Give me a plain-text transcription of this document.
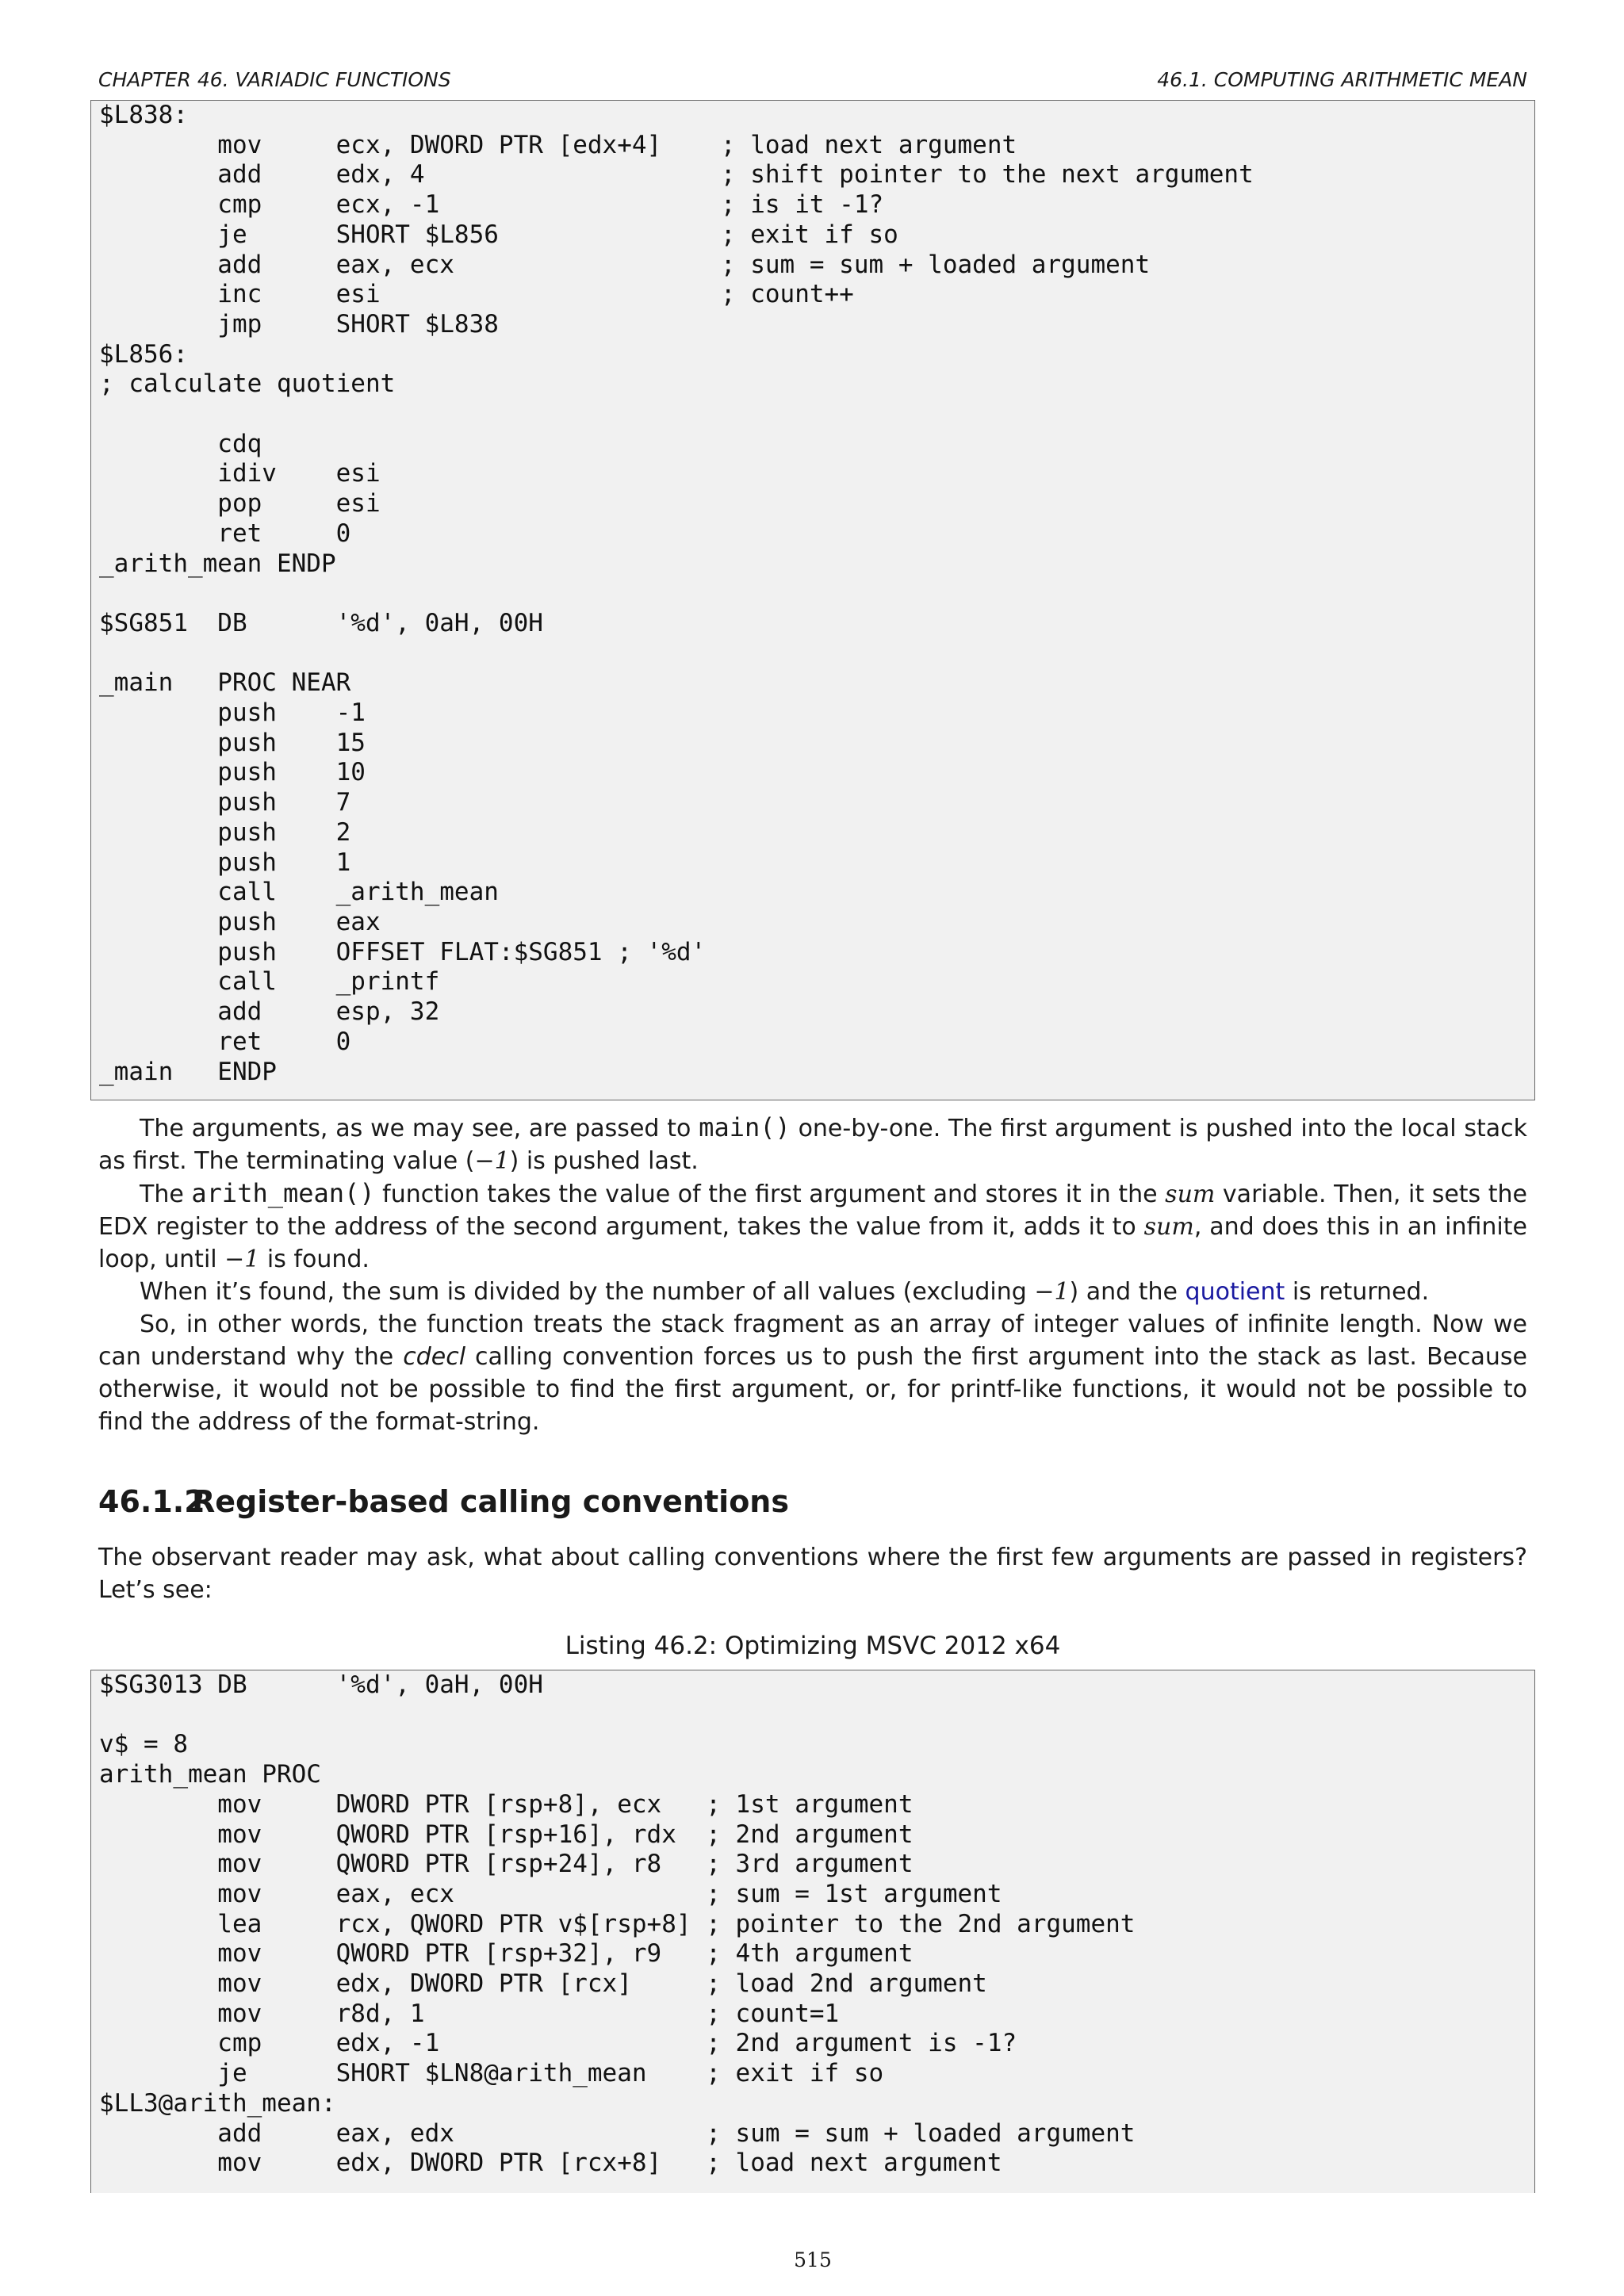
CHAPTER 46. VARIADIC FUNCTIONS	46.1. COMPUTING ARITHMETIC MEAN
$L838:
mov     ecx, DWORD PTR [edx+4]    ; load next argument
add     edx, 4                    ; shift pointer to the next argument
cmp     ecx, -1                   ; is it -1?
je      SHORT $L856               ; exit if so
add     eax, ecx                  ; sum = sum + loaded argument
inc     esi                       ; count++
jmp     SHORT $L838
$L856:
; calculate quotient

cdq
idiv    esi
pop     esi
ret     0
_arith_mean ENDP

$SG851  DB      '%d', 0aH, 00H

_main   PROC NEAR
push    -1
push    15
push    10
push    7
push    2
push    1
call    _arith_mean
push    eax
push    OFFSET FLAT:$SG851 ; '%d'
call    _printf
add     esp, 32
ret     0
_main   ENDP

The arguments, as we may see, are passed to main() one-by-one. The first argument is pushed into the local stack as first. The terminating value (−1) is pushed last.

The arith_mean() function takes the value of the first argument and stores it in the sum variable. Then, it sets the EDX register to the address of the second argument, takes the value from it, adds it to sum, and does this in an infinite loop, until −1 is found.

When it’s found, the sum is divided by the number of all values (excluding −1) and the quotient is returned.

So, in other words, the function treats the stack fragment as an array of integer values of infinite length. Now we can understand why the cdecl calling convention forces us to push the first argument into the stack as last. Because otherwise, it would not be possible to find the first argument, or, for printf-like functions, it would not be possible to find the address of the format-string.

46.1.2Register-based calling conventions

The observant reader may ask, what about calling conventions where the first few arguments are passed in registers? Let’s see:

Listing 46.2: Optimizing MSVC 2012 x64
$SG3013 DB      '%d', 0aH, 00H

v$ = 8
arith_mean PROC
mov     DWORD PTR [rsp+8], ecx   ; 1st argument
mov     QWORD PTR [rsp+16], rdx  ; 2nd argument
mov     QWORD PTR [rsp+24], r8   ; 3rd argument
mov     eax, ecx                 ; sum = 1st argument
lea     rcx, QWORD PTR v$[rsp+8] ; pointer to the 2nd argument
mov     QWORD PTR [rsp+32], r9   ; 4th argument
mov     edx, DWORD PTR [rcx]     ; load 2nd argument
mov     r8d, 1                   ; count=1
cmp     edx, -1                  ; 2nd argument is -1?
je      SHORT $LN8@arith_mean    ; exit if so
$LL3@arith_mean:
add     eax, edx                 ; sum = sum + loaded argument
mov     edx, DWORD PTR [rcx+8]   ; load next argument
515
